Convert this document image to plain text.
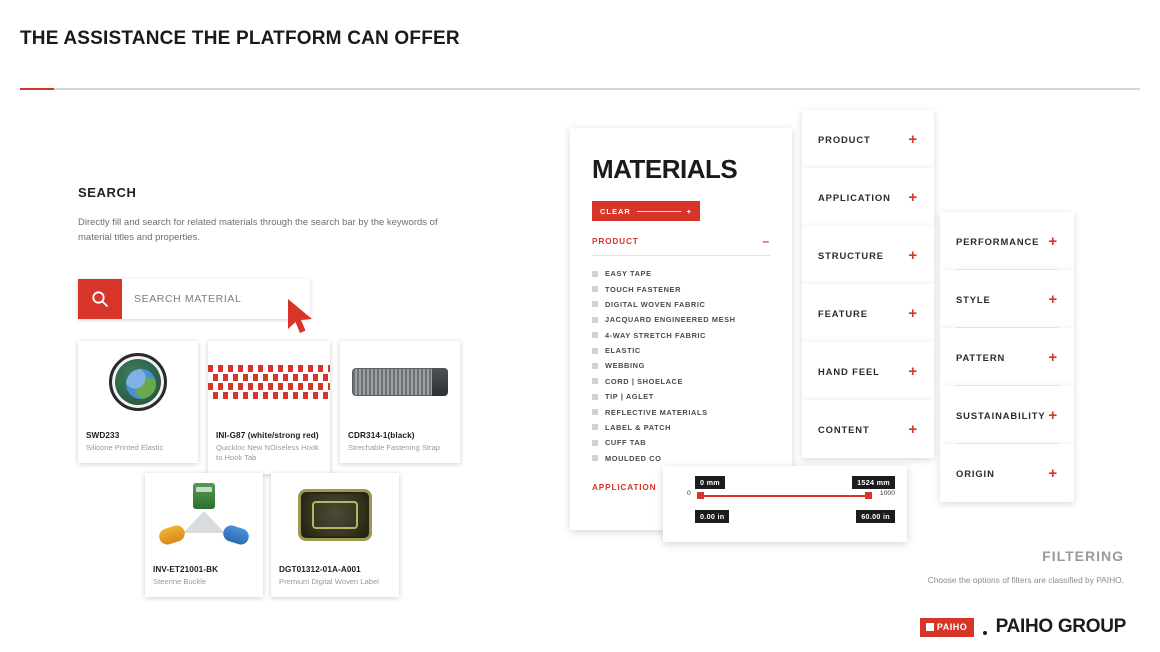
THE ASSISTANCE THE PLATFORM CAN OFFER
SEARCH
Directly fill and search for related materials through the search bar by the keywords of material titles and properties.
SEARCH MATERIAL
SWD233
Silicone Printed Elastic
INI-G87 (white/strong red)
Quickloc New NOiseless Hook to Hook Tab
CDR314-1(black)
Strechable Fastening Strap
INV-ET21001-BK
Steerine Buckle
DGT01312-01A-A001
Premium Digital Woven Label
MATERIALS
CLEAR	+
PRODUCT	–
EASY TAPE
TOUCH FASTENER
DIGITAL WOVEN FABRIC
JACQUARD ENGINEERED MESH
4-WAY STRETCH FABRIC
ELASTIC
WEBBING
CORD | SHOELACE
TIP | AGLET
REFLECTIVE MATERIALS
LABEL & PATCH
CUFF TAB
MOULDED CO
APPLICATION
PRODUCT	+
APPLICATION +
STRUCTURE +
FEATURE	+
HAND FEEL +
CONTENT	+
PERFORMANCE +
STYLE	+
PATTERN	+
SUSTAINABILITY +
ORIGIN	+
0 mm	1524 mm
0	1000
0.00 in	60.00 in
FILTERING
Choose the options of filters are classified by PAIHO.
PAIHO PAIHO GROUP
